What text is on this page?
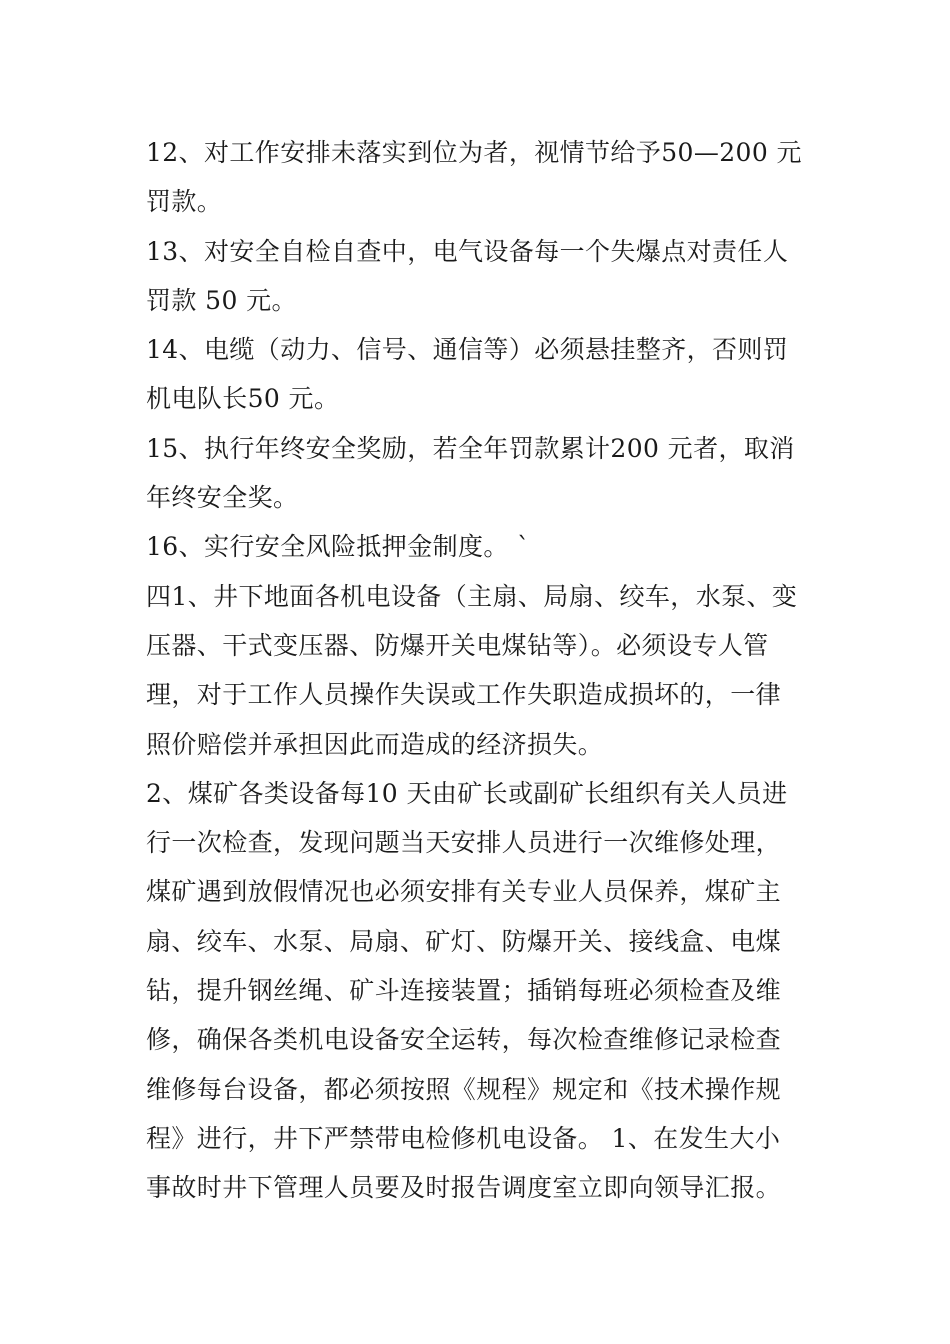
12、对工作安排未落实到位为者，视情节给予50—200 元
罚款。
13、对安全自检自查中，电气设备每一个失爆点对责任人
罚款 50 元。
14、电缆（动力、信号、通信等）必须悬挂整齐，否则罚
机电队长50 元。
15、执行年终安全奖励，若全年罚款累计200 元者，取消
年终安全奖。
16、实行安全风险抵押金制度。 `
四1、井下地面各机电设备（主扇、局扇、绞车，水泵、变
压器、干式变压器、防爆开关电煤钻等）。必须设专人管
理，对于工作人员操作失误或工作失职造成损坏的，一律
照价赔偿并承担因此而造成的经济损失。
2、煤矿各类设备每10 天由矿长或副矿长组织有关人员进
行一次检查，发现问题当天安排人员进行一次维修处理，
煤矿遇到放假情况也必须安排有关专业人员保养，煤矿主
扇、绞车、水泵、局扇、矿灯、防爆开关、接线盒、电煤
钻，提升钢丝绳、矿斗连接装置；插销每班必须检查及维
修，确保各类机电设备安全运转，每次检查维修记录检查
维修每台设备，都必须按照《规程》规定和《技术操作规
程》进行，井下严禁带电检修机电设备。 1、在发生大小
事故时井下管理人员要及时报告调度室立即向领导汇报。
